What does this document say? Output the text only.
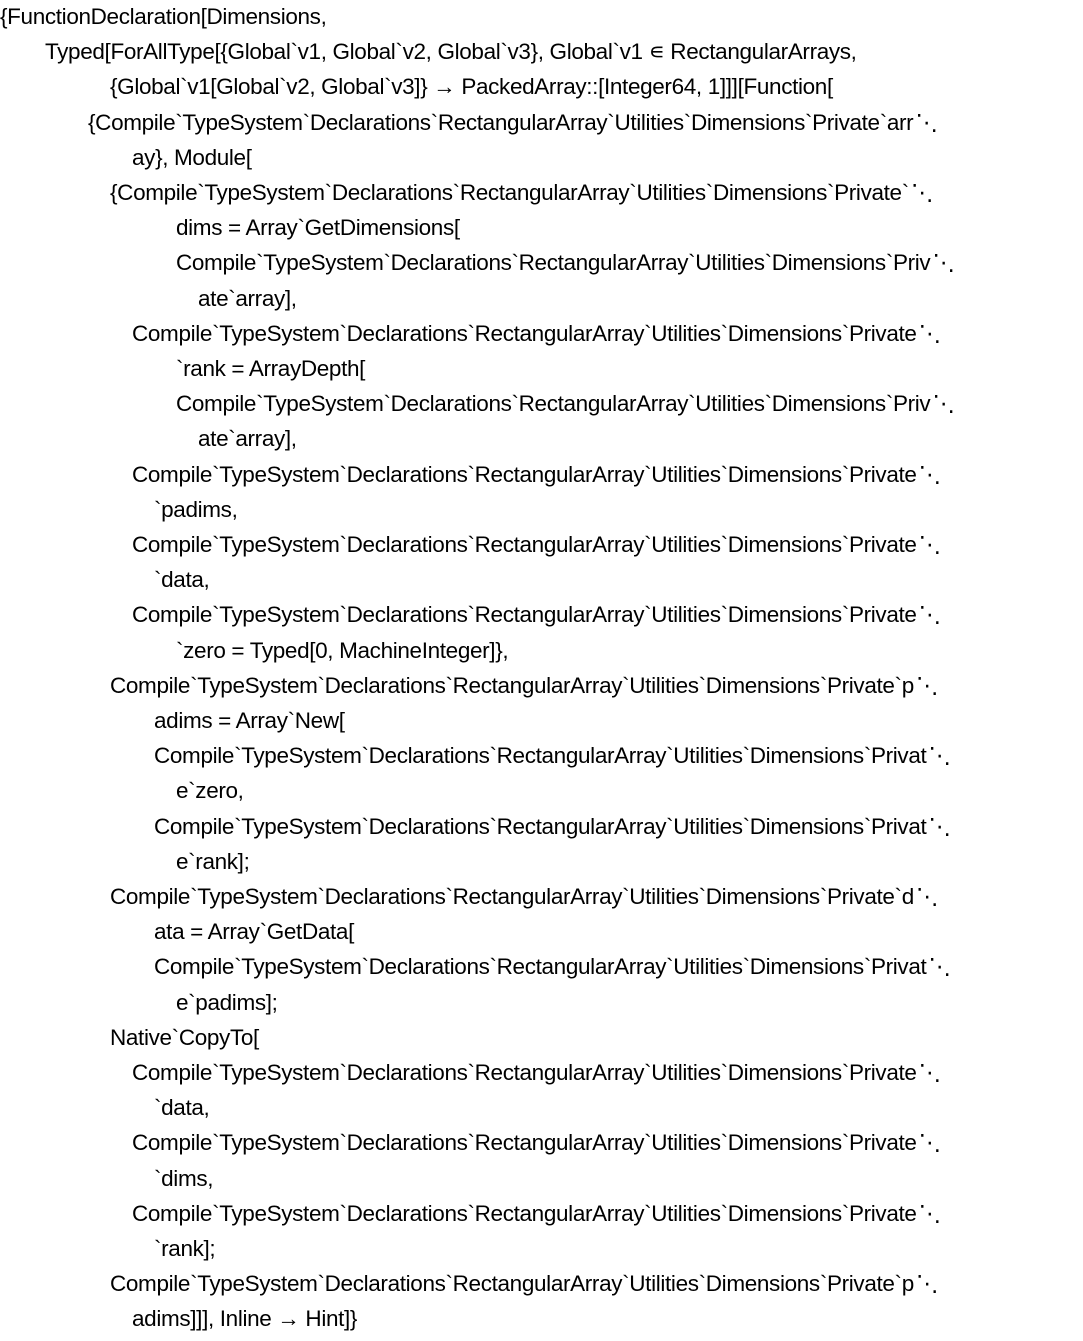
{FunctionDeclaration[Dimensions,
Typed[ForAllType[{Global`v1, Global`v2, Global`v3}, Global`v1 ∊ RectangularArrays,
{Global`v1[Global`v2, Global`v3]} → PackedArray::[Integer64, 1]]][Function[
{Compile`TypeSystem`Declarations`RectangularArray`Utilities`Dimensions`Private`arr⋱
ay}, Module[
{Compile`TypeSystem`Declarations`RectangularArray`Utilities`Dimensions`Private`⋱
dims = Array`GetDimensions[
Compile`TypeSystem`Declarations`RectangularArray`Utilities`Dimensions`Priv⋱
ate`array],
Compile`TypeSystem`Declarations`RectangularArray`Utilities`Dimensions`Private⋱
`rank = ArrayDepth[
Compile`TypeSystem`Declarations`RectangularArray`Utilities`Dimensions`Priv⋱
ate`array],
Compile`TypeSystem`Declarations`RectangularArray`Utilities`Dimensions`Private⋱
`padims,
Compile`TypeSystem`Declarations`RectangularArray`Utilities`Dimensions`Private⋱
`data,
Compile`TypeSystem`Declarations`RectangularArray`Utilities`Dimensions`Private⋱
`zero = Typed[0, MachineInteger]},
Compile`TypeSystem`Declarations`RectangularArray`Utilities`Dimensions`Private`p⋱
adims = Array`New[
Compile`TypeSystem`Declarations`RectangularArray`Utilities`Dimensions`Privat⋱
e`zero,
Compile`TypeSystem`Declarations`RectangularArray`Utilities`Dimensions`Privat⋱
e`rank];
Compile`TypeSystem`Declarations`RectangularArray`Utilities`Dimensions`Private`d⋱
ata = Array`GetData[
Compile`TypeSystem`Declarations`RectangularArray`Utilities`Dimensions`Privat⋱
e`padims];
Native`CopyTo[
Compile`TypeSystem`Declarations`RectangularArray`Utilities`Dimensions`Private⋱
`data,
Compile`TypeSystem`Declarations`RectangularArray`Utilities`Dimensions`Private⋱
`dims,
Compile`TypeSystem`Declarations`RectangularArray`Utilities`Dimensions`Private⋱
`rank];
Compile`TypeSystem`Declarations`RectangularArray`Utilities`Dimensions`Private`p⋱
adims]]], Inline → Hint]}
